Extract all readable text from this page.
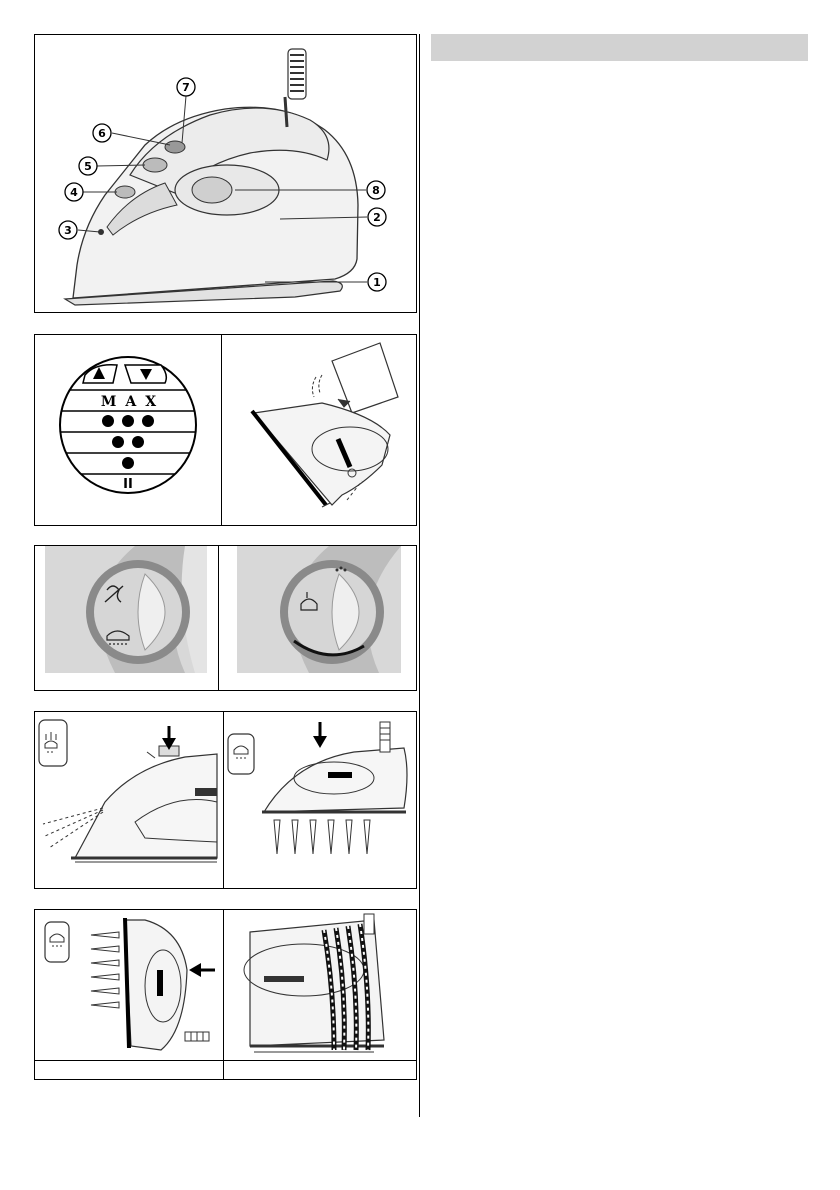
1
2
3
4
5
6
7
8
MAX
II
